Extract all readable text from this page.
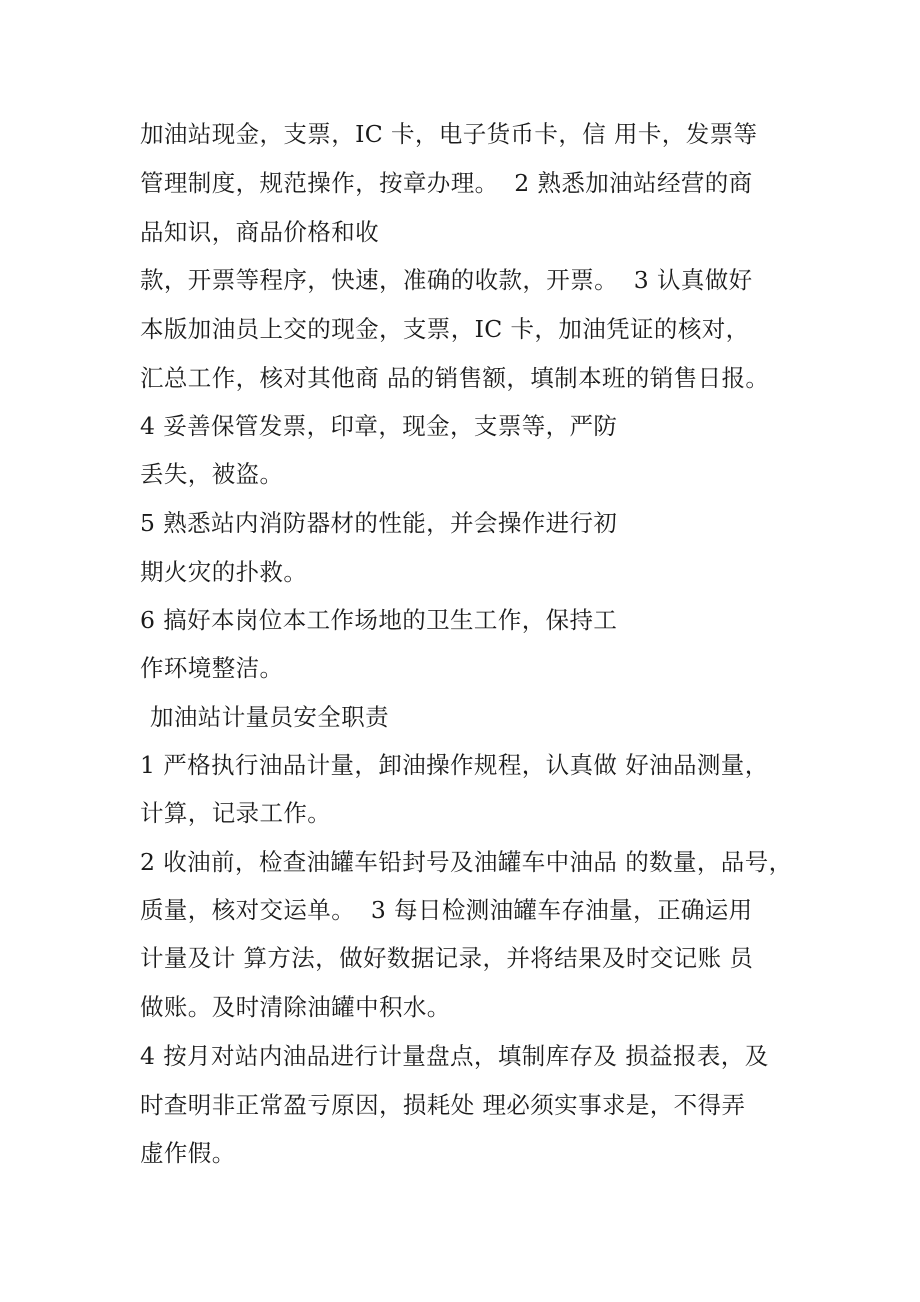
加油站现金，支票，IC 卡，电子货币卡，信 用卡，发票等

管理制度，规范操作，按章办理。  2 熟悉加油站经营的商

品知识，商品价格和收

款，开票等程序，快速，准确的收款，开票。  3 认真做好

本版加油员上交的现金，支票，IC 卡，加油凭证的核对，

汇总工作，核对其他商 品的销售额，填制本班的销售日报。

4 妥善保管发票，印章，现金，支票等，严防

丢失，被盗。

5 熟悉站内消防器材的性能，并会操作进行初

期火灾的扑救。

6 搞好本岗位本工作场地的卫生工作，保持工

作环境整洁。

加油站计量员安全职责

1 严格执行油品计量，卸油操作规程，认真做 好油品测量，

计算，记录工作。

2 收油前，检查油罐车铅封号及油罐车中油品 的数量，品号，

质量，核对交运单。  3 每日检测油罐车存油量，正确运用

计量及计 算方法，做好数据记录，并将结果及时交记账 员

做账。及时清除油罐中积水。

4 按月对站内油品进行计量盘点，填制库存及 损益报表，及

时查明非正常盈亏原因，损耗处 理必须实事求是，不得弄

虚作假。
